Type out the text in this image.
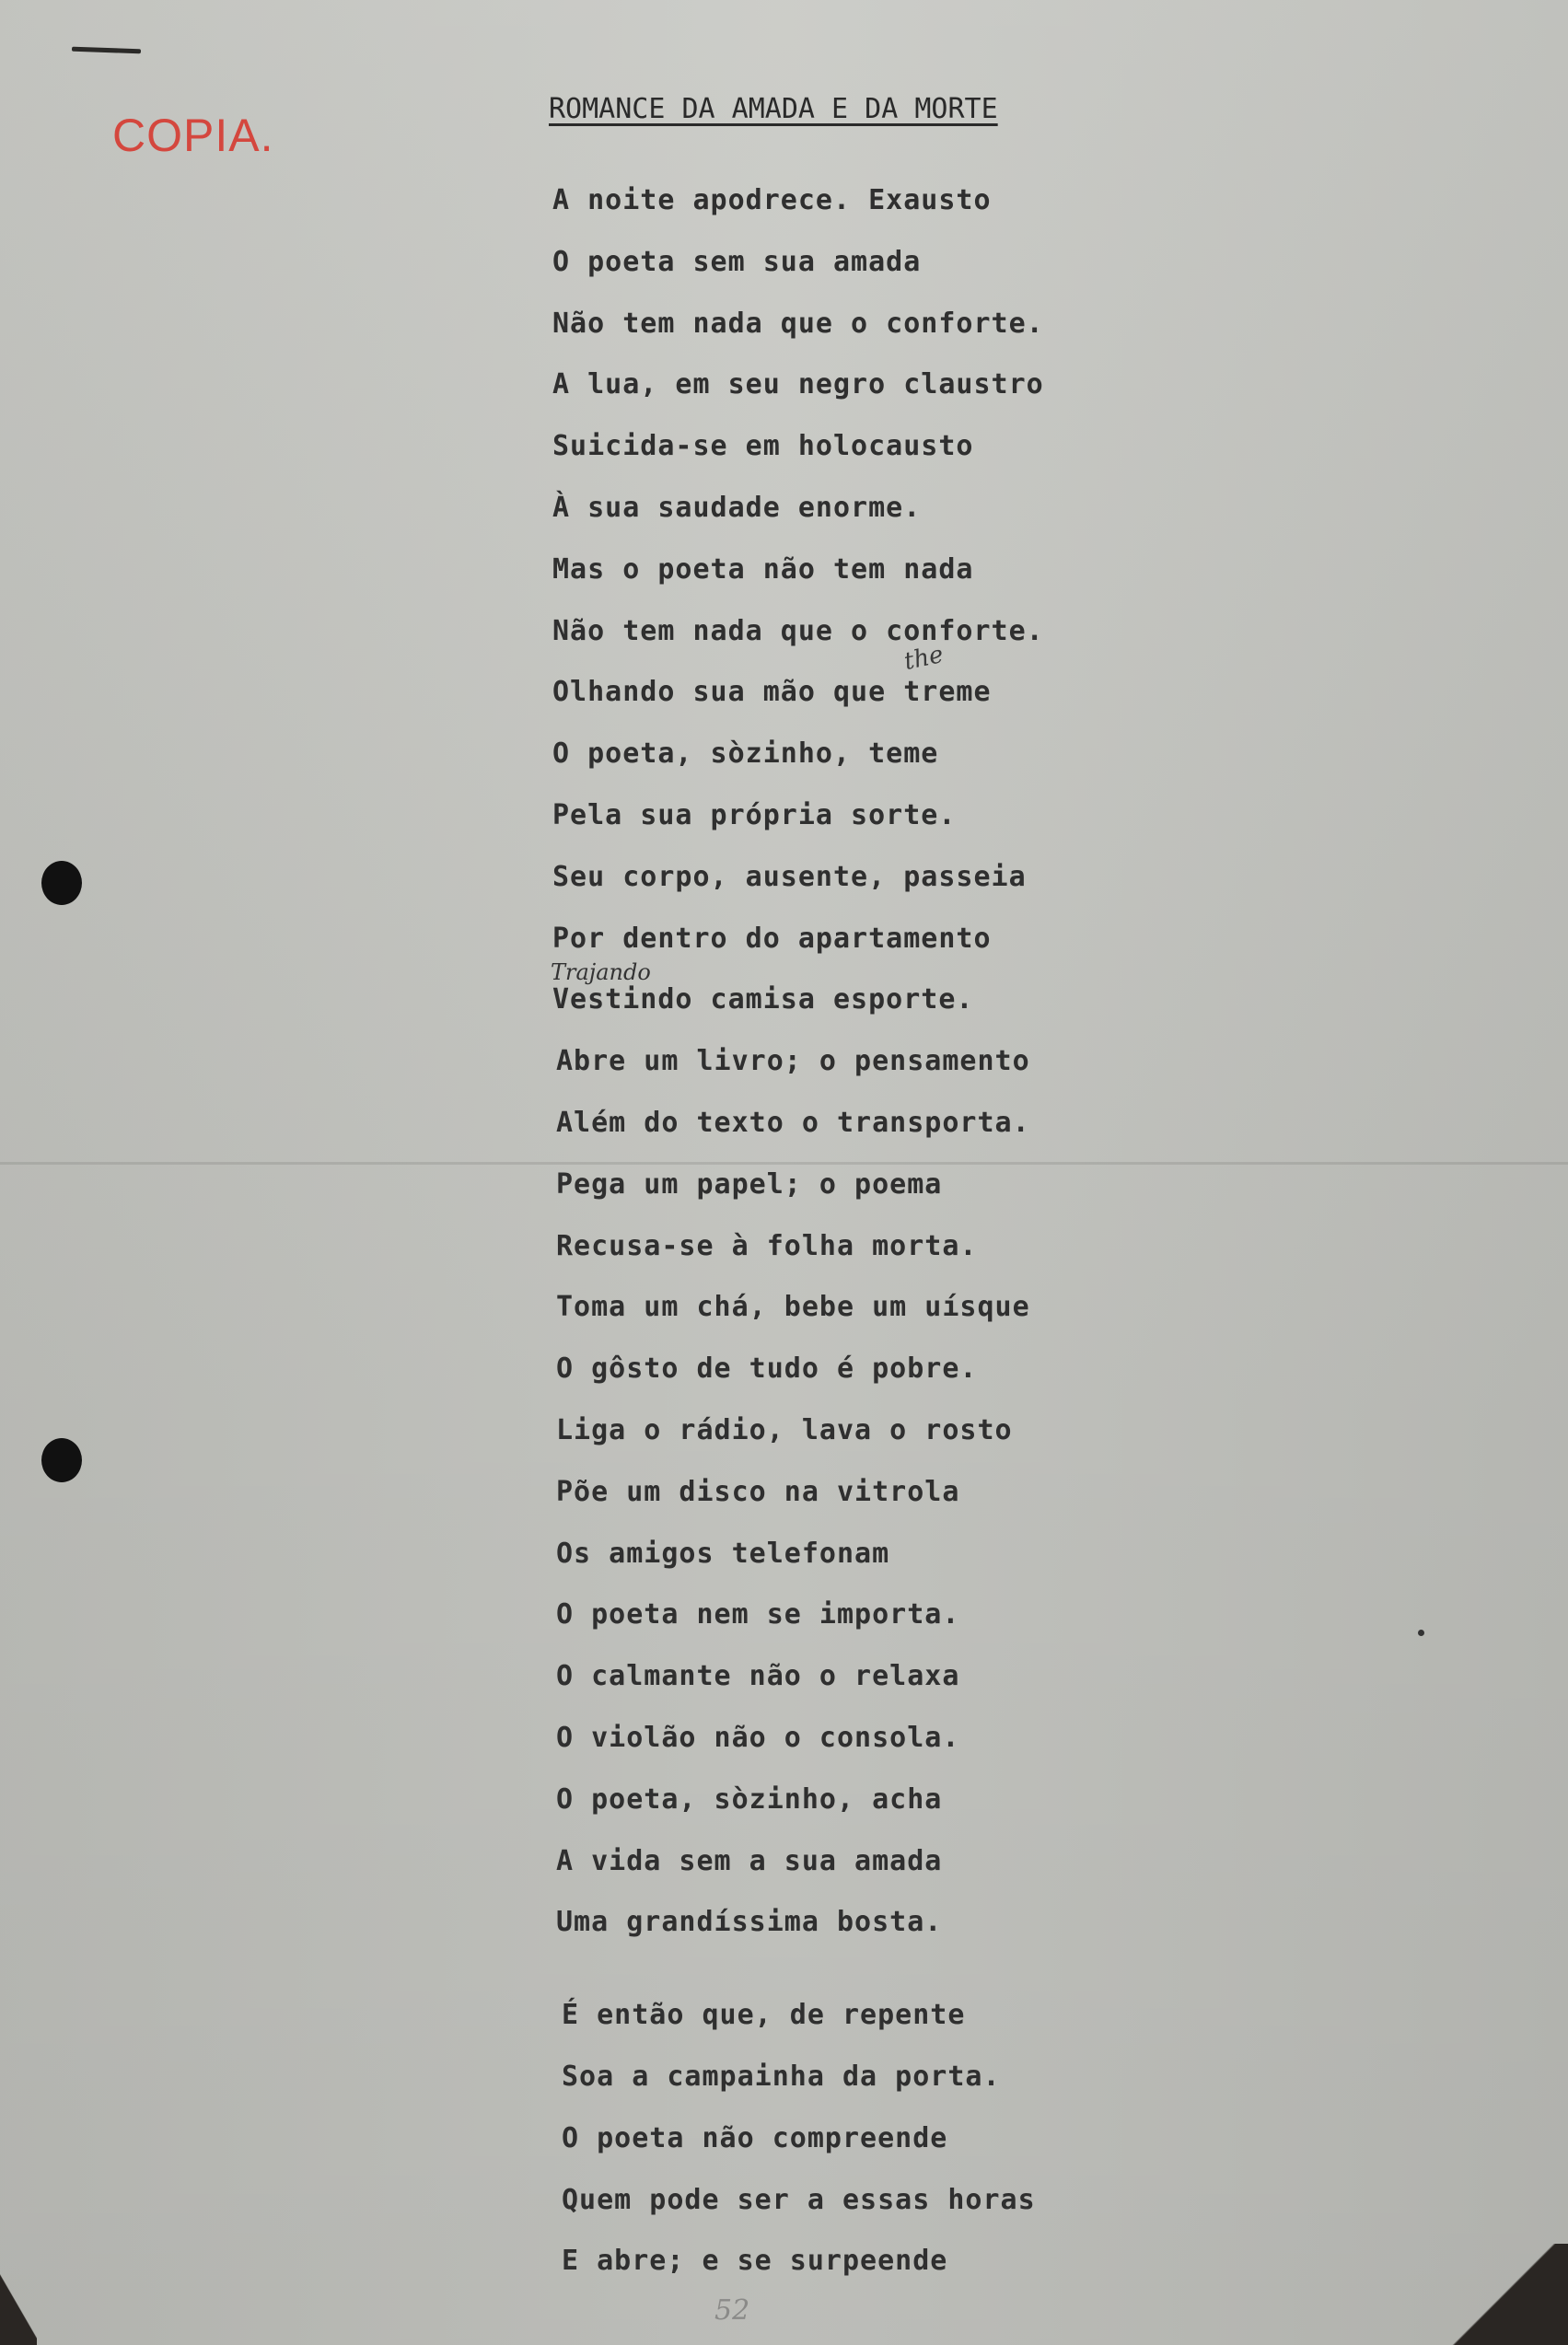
COPIA.
ROMANCE DA AMADA E DA MORTE
A noite apodrece. Exausto
O poeta sem sua amada
Não tem nada que o conforte.
A lua, em seu negro claustro
Suicida-se em holocausto
À sua saudade enorme.
Mas o poeta não tem nada
Não tem nada que o conforte.
Olhando sua mão que treme
O poeta, sòzinho, teme
Pela sua própria sorte.
Seu corpo, ausente, passeia
Por dentro do apartamento
Vestindo camisa esporte.
Abre um livro; o pensamento
Além do texto o transporta.
Pega um papel; o poema
Recusa-se à folha morta.
Toma um chá, bebe um uísque
O gôsto de tudo é pobre.
Liga o rádio, lava o rosto
Põe um disco na vitrola
Os amigos telefonam
O poeta nem se importa.
O calmante não o relaxa
O violão não o consola.
O poeta, sòzinho, acha
A vida sem a sua amada
Uma grandíssima bosta.
É então que, de repente
Soa a campainha da porta.
O poeta não compreende
Quem pode ser a essas horas
E abre; e se surpeende
the
Trajando
52
